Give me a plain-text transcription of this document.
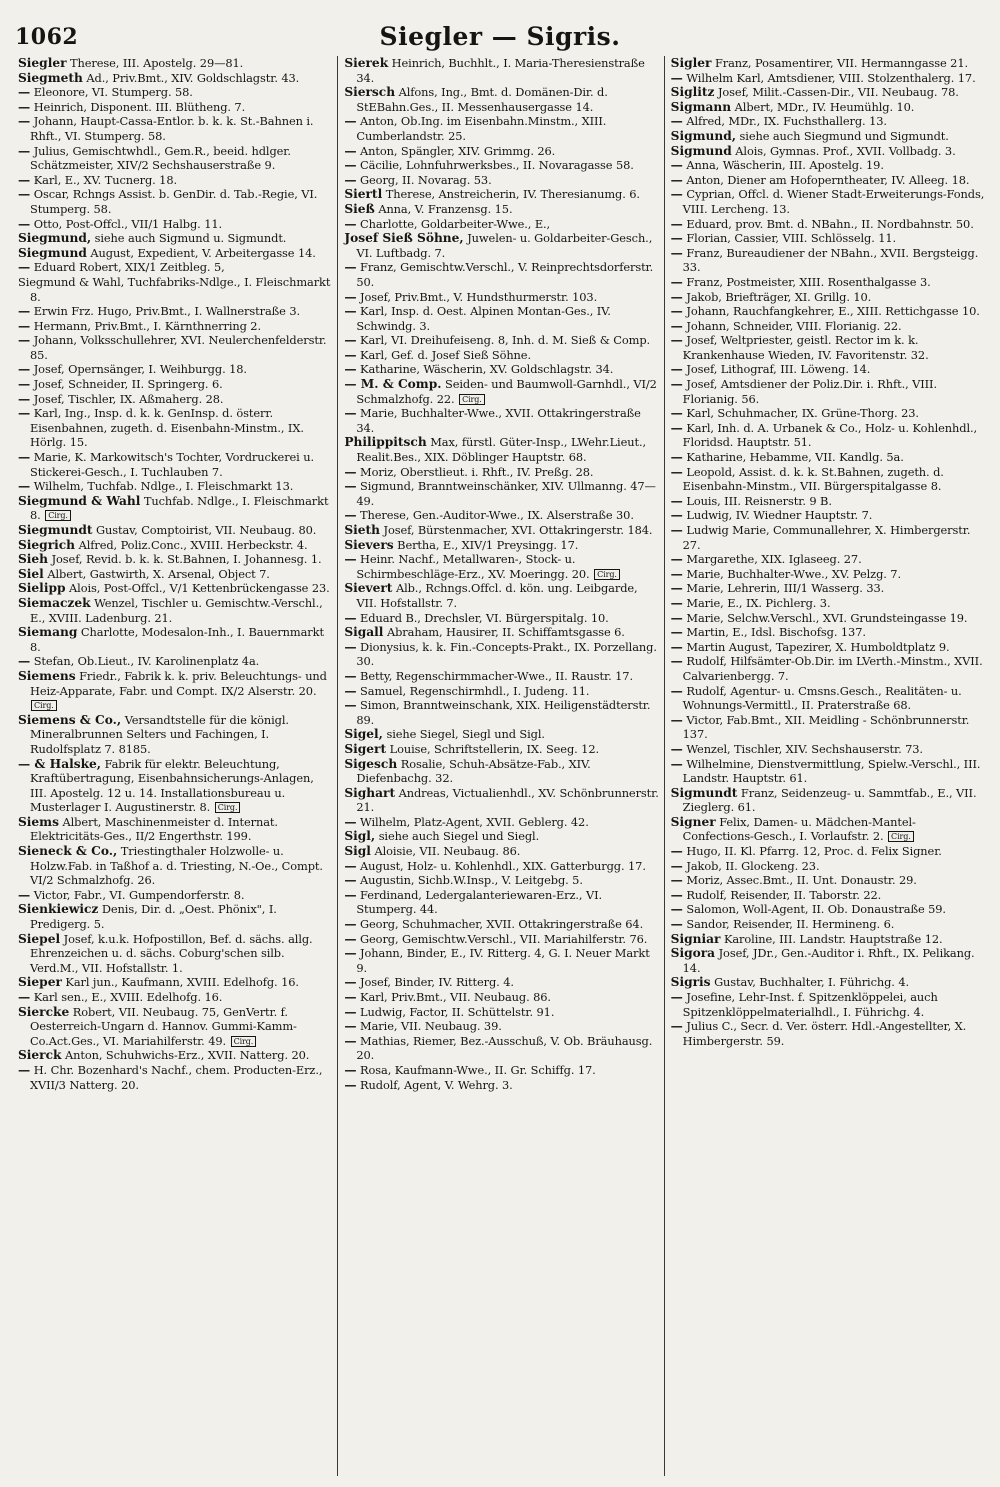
1062	Siegler — Sigris.
Siegler Therese, III. Apostelg. 29—81.
Siegmeth Ad., Priv.Bmt., XIV. Goldschlagstr. 43.
— Eleonore, VI. Stumperg. 58.
— Heinrich, Disponent. III. Blütheng. 7.
— Johann, Haupt-Cassa-Entlor. b. k. k. St.-Bahnen i. Rhft., VI. Stumperg. 58.
— Julius, Gemischtwhdl., Gem.R., beeid. hdlger. Schätzmeister, XIV/2 Sechshauserstraße 9.
— Karl, E., XV. Tucnerg. 18.
— Oscar, Rchngs Assist. b. GenDir. d. Tab.-Regie, VI. Stumperg. 58.
— Otto, Post-Offcl., VII/1 Halbg. 11.
Siegmund, siehe auch Sigmund u. Sigmundt.
Siegmund August, Expedient, V. Arbeitergasse 14.
— Eduard Robert, XIX/1 Zeitbleg. 5,
Siegmund & Wahl, Tuchfabriks-Ndlge., I. Fleischmarkt 8.
— Erwin Frz. Hugo, Priv.Bmt., I. Wallnerstraße 3.
— Hermann, Priv.Bmt., I. Kärnthnerring 2.
— Johann, Volksschullehrer, XVI. Neulerchenfelderstr. 85.
— Josef, Opernsänger, I. Weihburgg. 18.
— Josef, Schneider, II. Springerg. 6.
— Josef, Tischler, IX. Aßmaherg. 28.
— Karl, Ing., Insp. d. k. k. GenInsp. d. österr. Eisenbahnen, zugeth. d. Eisenbahn-Minstm., IX. Hörlg. 15.
— Marie, K. Markowitsch's Tochter, Vordruckerei u. Stickerei-Gesch., I. Tuchlauben 7.
— Wilhelm, Tuchfab. Ndlge., I. Fleischmarkt 13.
Siegmund & Wahl Tuchfab. Ndlge., I. Fleischmarkt 8. Cirg.
Siegmundt Gustav, Comptoirist, VII. Neubaug. 80.
Siegrich Alfred, Poliz.Conc., XVIII. Herbeckstr. 4.
Sieh Josef, Revid. b. k. k. St.Bahnen, I. Johannesg. 1.
Siel Albert, Gastwirth, X. Arsenal, Object 7.
Sielipp Alois, Post-Offcl., V/1 Kettenbrückengasse 23.
Siemaczek Wenzel, Tischler u. Gemischtw.-Verschl., E., XVIII. Ladenburg. 21.
Siemang Charlotte, Modesalon-Inh., I. Bauernmarkt 8.
— Stefan, Ob.Lieut., IV. Karolinenplatz 4a.
Siemens Friedr., Fabrik k. k. priv. Beleuchtungs- und Heiz-Apparate, Fabr. und Compt. IX/2 Alserstr. 20. Cirg.
Siemens & Co., Versandtstelle für die königl. Mineralbrunnen Selters und Fachingen, I. Rudolfsplatz 7. 8185.
— & Halske, Fabrik für elektr. Beleuchtung, Kraftübertragung, Eisenbahnsicherungs-Anlagen, III. Apostelg. 12 u. 14. Installationsbureau u. Musterlager I. Augustinerstr. 8. Cirg.
Siems Albert, Maschinenmeister d. Internat. Elektricitäts-Ges., II/2 Engerthstr. 199.
Sieneck & Co., Triestingthaler Holzwolle- u. Holzw.Fab. in Taßhof a. d. Triesting, N.-Oe., Compt. VI/2 Schmalzhofg. 26.
— Victor, Fabr., VI. Gumpendorferstr. 8.
Sienkiewicz Denis, Dir. d. „Oest. Phönix", I. Predigerg. 5.
Siepel Josef, k.u.k. Hofpostillon, Bef. d. sächs. allg. Ehrenzeichen u. d. sächs. Coburg'schen silb. Verd.M., VII. Hofstallstr. 1.
Sieper Karl jun., Kaufmann, XVIII. Edelhofg. 16.
— Karl sen., E., XVIII. Edelhofg. 16.
Siercke Robert, VII. Neubaug. 75, GenVertr. f. Oesterreich-Ungarn d. Hannov. Gummi-Kamm-Co.Act.Ges., VI. Mariahilferstr. 49. Cirg.
Sierck Anton, Schuhwichs-Erz., XVII. Natterg. 20.
— H. Chr. Bozenhard's Nachf., chem. Producten-Erz., XVII/3 Natterg. 20.
Sierek Heinrich, Buchhlt., I. Maria-Theresienstraße 34.
Siersch Alfons, Ing., Bmt. d. Domänen-Dir. d. StEBahn.Ges., II. Messenhausergasse 14.
— Anton, Ob.Ing. im Eisenbahn.Minstm., XIII. Cumberlandstr. 25.
— Anton, Spängler, XIV. Grimmg. 26.
— Cäcilie, Lohnfuhrwerksbes., II. Novaragasse 58.
— Georg, II. Novarag. 53.
Siertl Therese, Anstreicherin, IV. Theresianumg. 6.
Sieß Anna, V. Franzensg. 15.
— Charlotte, Goldarbeiter-Wwe., E.,
Josef Sieß Söhne, Juwelen- u. Goldarbeiter-Gesch., VI. Luftbadg. 7.
— Franz, Gemischtw.Verschl., V. Reinprechtsdorferstr. 50.
— Josef, Priv.Bmt., V. Hundsthurmerstr. 103.
— Karl, Insp. d. Oest. Alpinen Montan-Ges., IV. Schwindg. 3.
— Karl, VI. Dreihufeiseng. 8, Inh. d. M. Sieß & Comp.
— Karl, Gef. d. Josef Sieß Söhne.
— Katharine, Wäscherin, XV. Goldschlagstr. 34.
— M. & Comp. Seiden- und Baumwoll-Garnhdl., VI/2 Schmalzhofg. 22. Cirg.
— Marie, Buchhalter-Wwe., XVII. Ottakringerstraße 34.
Philippitsch Max, fürstl. Güter-Insp., LWehr.Lieut., Realit.Bes., XIX. Döblinger Hauptstr. 68.
— Moriz, Oberstlieut. i. Rhft., IV. Preßg. 28.
— Sigmund, Branntweinschänker, XIV. Ullmanng. 47—49.
— Therese, Gen.-Auditor-Wwe., IX. Alserstraße 30.
Sieth Josef, Bürstenmacher, XVI. Ottakringerstr. 184.
Sievers Bertha, E., XIV/1 Preysingg. 17.
— Heinr. Nachf., Metallwaren-, Stock- u. Schirmbeschläge-Erz., XV. Moeringg. 20. Cirg.
Sievert Alb., Rchngs.Offcl. d. kön. ung. Leibgarde, VII. Hofstallstr. 7.
— Eduard B., Drechsler, VI. Bürgerspitalg. 10.
Sigall Abraham, Hausirer, II. Schiffamtsgasse 6.
— Dionysius, k. k. Fin.-Concepts-Prakt., IX. Porzellang. 30.
— Betty, Regenschirmmacher-Wwe., II. Raustr. 17.
— Samuel, Regenschirmhdl., I. Judeng. 11.
— Simon, Branntweinschank, XIX. Heiligenstädterstr. 89.
Sigel, siehe Siegel, Siegl und Sigl.
Sigert Louise, Schriftstellerin, IX. Seeg. 12.
Sigesch Rosalie, Schuh-Absätze-Fab., XIV. Diefenbachg. 32.
Sighart Andreas, Victualienhdl., XV. Schönbrunnerstr. 21.
— Wilhelm, Platz-Agent, XVII. Geblerg. 42.
Sigl, siehe auch Siegel und Siegl.
Sigl Aloisie, VII. Neubaug. 86.
— August, Holz- u. Kohlenhdl., XIX. Gatterburgg. 17.
— Augustin, Sichb.W.Insp., V. Leitgebg. 5.
— Ferdinand, Ledergalanteriewaren-Erz., VI. Stumperg. 44.
— Georg, Schuhmacher, XVII. Ottakringerstraße 64.
— Georg, Gemischtw.Verschl., VII. Mariahilferstr. 76.
— Johann, Binder, E., IV. Ritterg. 4, G. I. Neuer Markt 9.
— Josef, Binder, IV. Ritterg. 4.
— Karl, Priv.Bmt., VII. Neubaug. 86.
— Ludwig, Factor, II. Schüttelstr. 91.
— Marie, VII. Neubaug. 39.
— Mathias, Riemer, Bez.-Ausschuß, V. Ob. Bräuhausg. 20.
— Rosa, Kaufmann-Wwe., II. Gr. Schiffg. 17.
— Rudolf, Agent, V. Wehrg. 3.
Sigler Franz, Posamentirer, VII. Hermanngasse 21.
— Wilhelm Karl, Amtsdiener, VIII. Stolzenthalerg. 17.
Siglitz Josef, Milit.-Cassen-Dir., VII. Neubaug. 78.
Sigmann Albert, MDr., IV. Heumühlg. 10.
— Alfred, MDr., IX. Fuchsthallerg. 13.
Sigmund, siehe auch Siegmund und Sigmundt.
Sigmund Alois, Gymnas. Prof., XVII. Vollbadg. 3.
— Anna, Wäscherin, III. Apostelg. 19.
— Anton, Diener am Hofoperntheater, IV. Alleeg. 18.
— Cyprian, Offcl. d. Wiener Stadt-Erweiterungs-Fonds, VIII. Lercheng. 13.
— Eduard, prov. Bmt. d. NBahn., II. Nordbahnstr. 50.
— Florian, Cassier, VIII. Schlösselg. 11.
— Franz, Bureaudiener der NBahn., XVII. Bergsteigg. 33.
— Franz, Postmeister, XIII. Rosenthalgasse 3.
— Jakob, Briefträger, XI. Grillg. 10.
— Johann, Rauchfangkehrer, E., XIII. Rettichgasse 10.
— Johann, Schneider, VIII. Florianig. 22.
— Josef, Weltpriester, geistl. Rector im k. k. Krankenhause Wieden, IV. Favoritenstr. 32.
— Josef, Lithograf, III. Löweng. 14.
— Josef, Amtsdiener der Poliz.Dir. i. Rhft., VIII. Florianig. 56.
— Karl, Schuhmacher, IX. Grüne-Thorg. 23.
— Karl, Inh. d. A. Urbanek & Co., Holz- u. Kohlenhdl., Floridsd. Hauptstr. 51.
— Katharine, Hebamme, VII. Kandlg. 5a.
— Leopold, Assist. d. k. k. St.Bahnen, zugeth. d. Eisenbahn-Minstm., VII. Bürgerspitalgasse 8.
— Louis, III. Reisnerstr. 9 B.
— Ludwig, IV. Wiedner Hauptstr. 7.
— Ludwig Marie, Communallehrer, X. Himbergerstr. 27.
— Margarethe, XIX. Iglaseeg. 27.
— Marie, Buchhalter-Wwe., XV. Pelzg. 7.
— Marie, Lehrerin, III/1 Wasserg. 33.
— Marie, E., IX. Pichlerg. 3.
— Marie, Selchw.Verschl., XVI. Grundsteingasse 19.
— Martin, E., Idsl. Bischofsg. 137.
— Martin August, Tapezirer, X. Humboldtplatz 9.
— Rudolf, Hilfsämter-Ob.Dir. im LVerth.-Minstm., XVII. Calvarienbergg. 7.
— Rudolf, Agentur- u. Cmsns.Gesch., Realitäten- u. Wohnungs-Vermittl., II. Praterstraße 68.
— Victor, Fab.Bmt., XII. Meidling - Schönbrunnerstr. 137.
— Wenzel, Tischler, XIV. Sechshauserstr. 73.
— Wilhelmine, Dienstvermittlung, Spielw.-Verschl., III. Landstr. Hauptstr. 61.
Sigmundt Franz, Seidenzeug- u. Sammtfab., E., VII. Zieglerg. 61.
Signer Felix, Damen- u. Mädchen-Mantel-Confections-Gesch., I. Vorlaufstr. 2. Cirg.
— Hugo, II. Kl. Pfarrg. 12, Proc. d. Felix Signer.
— Jakob, II. Glockeng. 23.
— Moriz, Assec.Bmt., II. Unt. Donaustr. 29.
— Rudolf, Reisender, II. Taborstr. 22.
— Salomon, Woll-Agent, II. Ob. Donaustraße 59.
— Sandor, Reisender, II. Hermineng. 6.
Signiar Karoline, III. Landstr. Hauptstraße 12.
Sigora Josef, JDr., Gen.-Auditor i. Rhft., IX. Pelikang. 14.
Sigris Gustav, Buchhalter, I. Führichg. 4.
— Josefine, Lehr-Inst. f. Spitzenklöppelei, auch Spitzenklöppelmaterialhdl., I. Führichg. 4.
— Julius C., Secr. d. Ver. österr. Hdl.-Angestellter, X. Himbergerstr. 59.
